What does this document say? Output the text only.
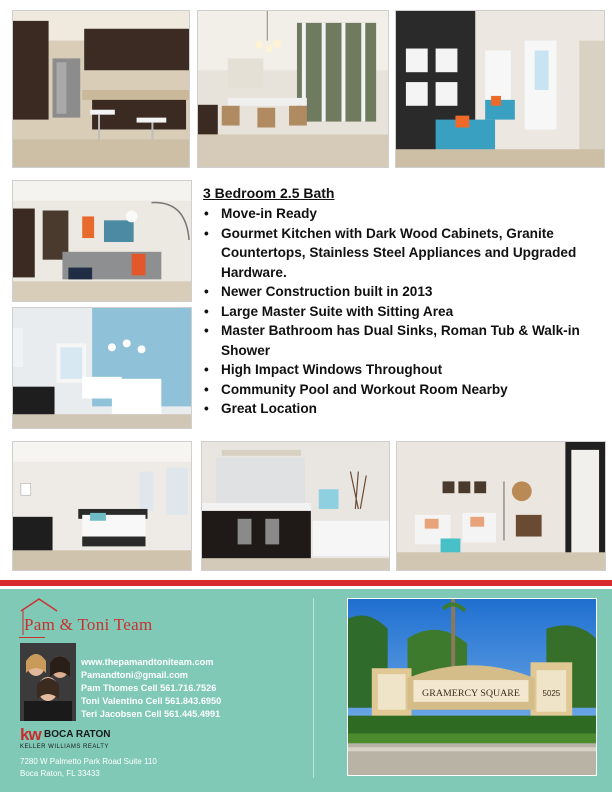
3 Bedroom 2.5 Bath
• Move-in Ready
• Gourmet Kitchen with Dark Wood Cabinets, Granite Countertops, Stainless Steel Appliances and Upgraded Hardware.
• Newer Construction built in 2013
• Large Master Suite with Sitting Area
• Master Bathroom has Dual Sinks, Roman Tub & Walk-in Shower
• High Impact Windows Throughout
• Community Pool and Workout Room Nearby
• Great Location
Pam & Toni Team
www.thepamandtoniteam.com
Pamandtoni@gmail.com
Pam Thomes Cell 561.716.7526
Toni Valentino Cell 561.843.6950
Teri Jacobsen Cell 561.445.4991
kw BOCA RATON
KELLER WILLIAMS REALTY
7280 W Palmetto Park Road Suite 110
Boca Raton, FL 33433
GRAMERCY SQUARE	5025
